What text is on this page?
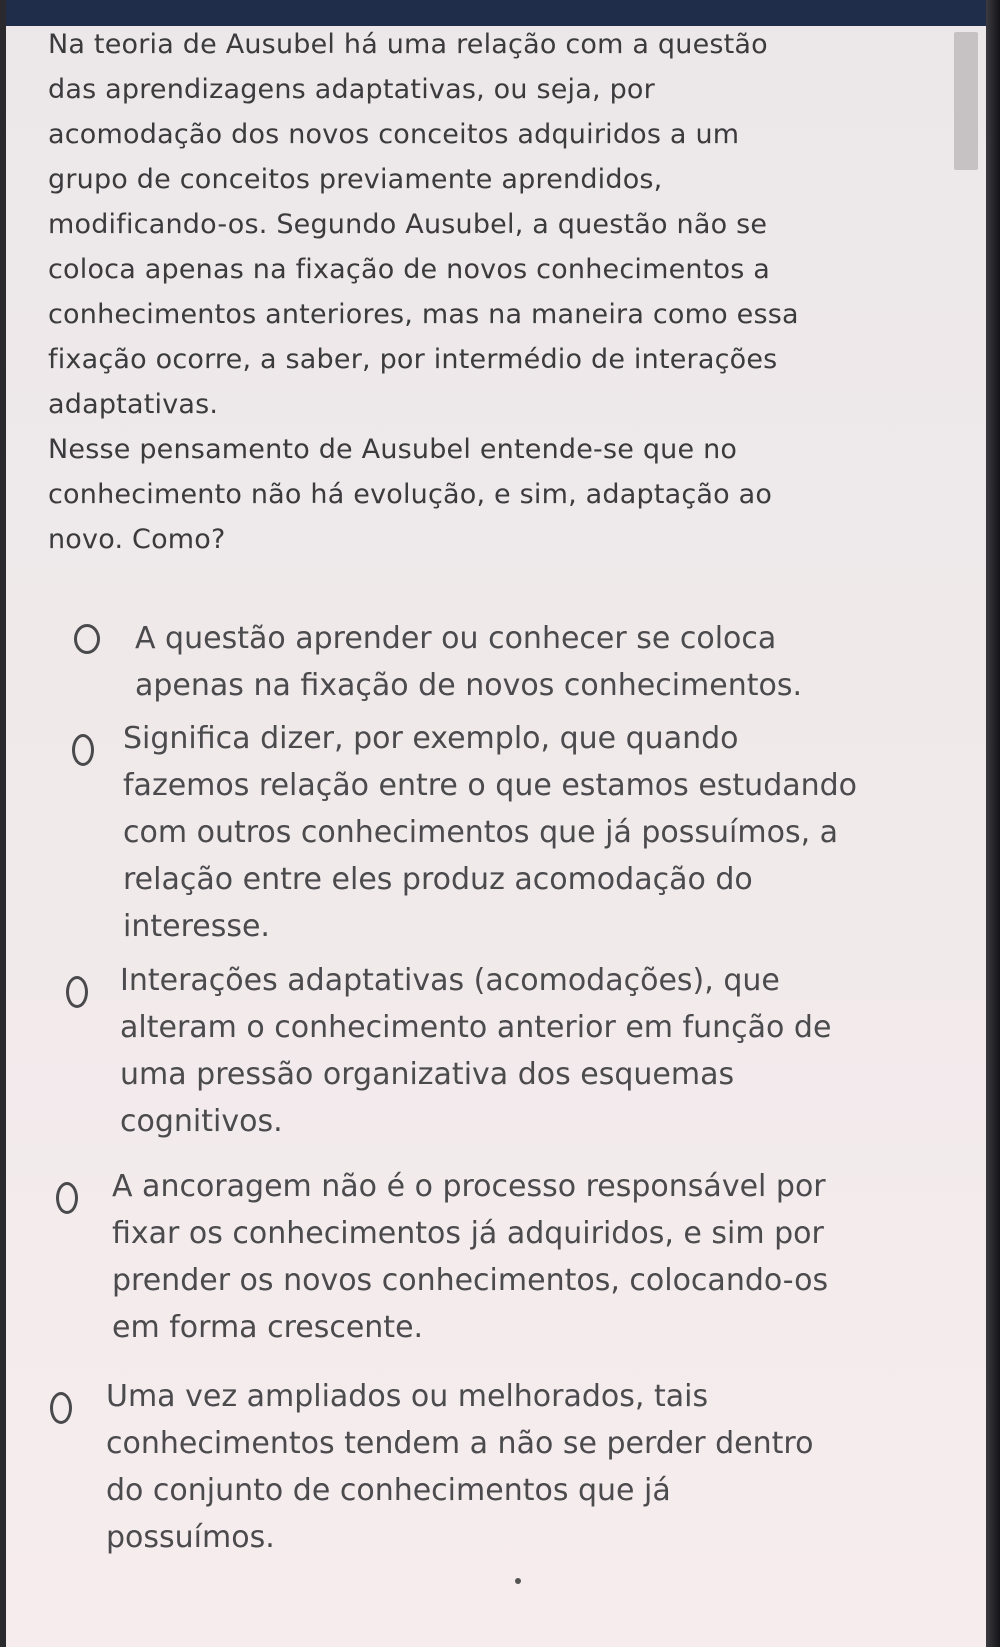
Na teoria de Ausubel há uma relação com a questão
das aprendizagens adaptativas, ou seja, por
acomodação dos novos conceitos adquiridos a um
grupo de conceitos previamente aprendidos,
modificando-os. Segundo Ausubel, a questão não se
coloca apenas na fixação de novos conhecimentos a
conhecimentos anteriores, mas na maneira como essa
fixação ocorre, a saber, por intermédio de interações
adaptativas.

Nesse pensamento de Ausubel entende-se que no
conhecimento não há evolução, e sim, adaptação ao
novo. Como?

A questão aprender ou conhecer se coloca
apenas na fixação de novos conhecimentos.
Significa dizer, por exemplo, que quando
fazemos relação entre o que estamos estudando
com outros conhecimentos que já possuímos, a
relação entre eles produz acomodação do
interesse.
Interações adaptativas (acomodações), que
alteram o conhecimento anterior em função de
uma pressão organizativa dos esquemas
cognitivos.
A ancoragem não é o processo responsável por
fixar os conhecimentos já adquiridos, e sim por
prender os novos conhecimentos, colocando-os
em forma crescente.
Uma vez ampliados ou melhorados, tais
conhecimentos tendem a não se perder dentro
do conjunto de conhecimentos que já
possuímos.
